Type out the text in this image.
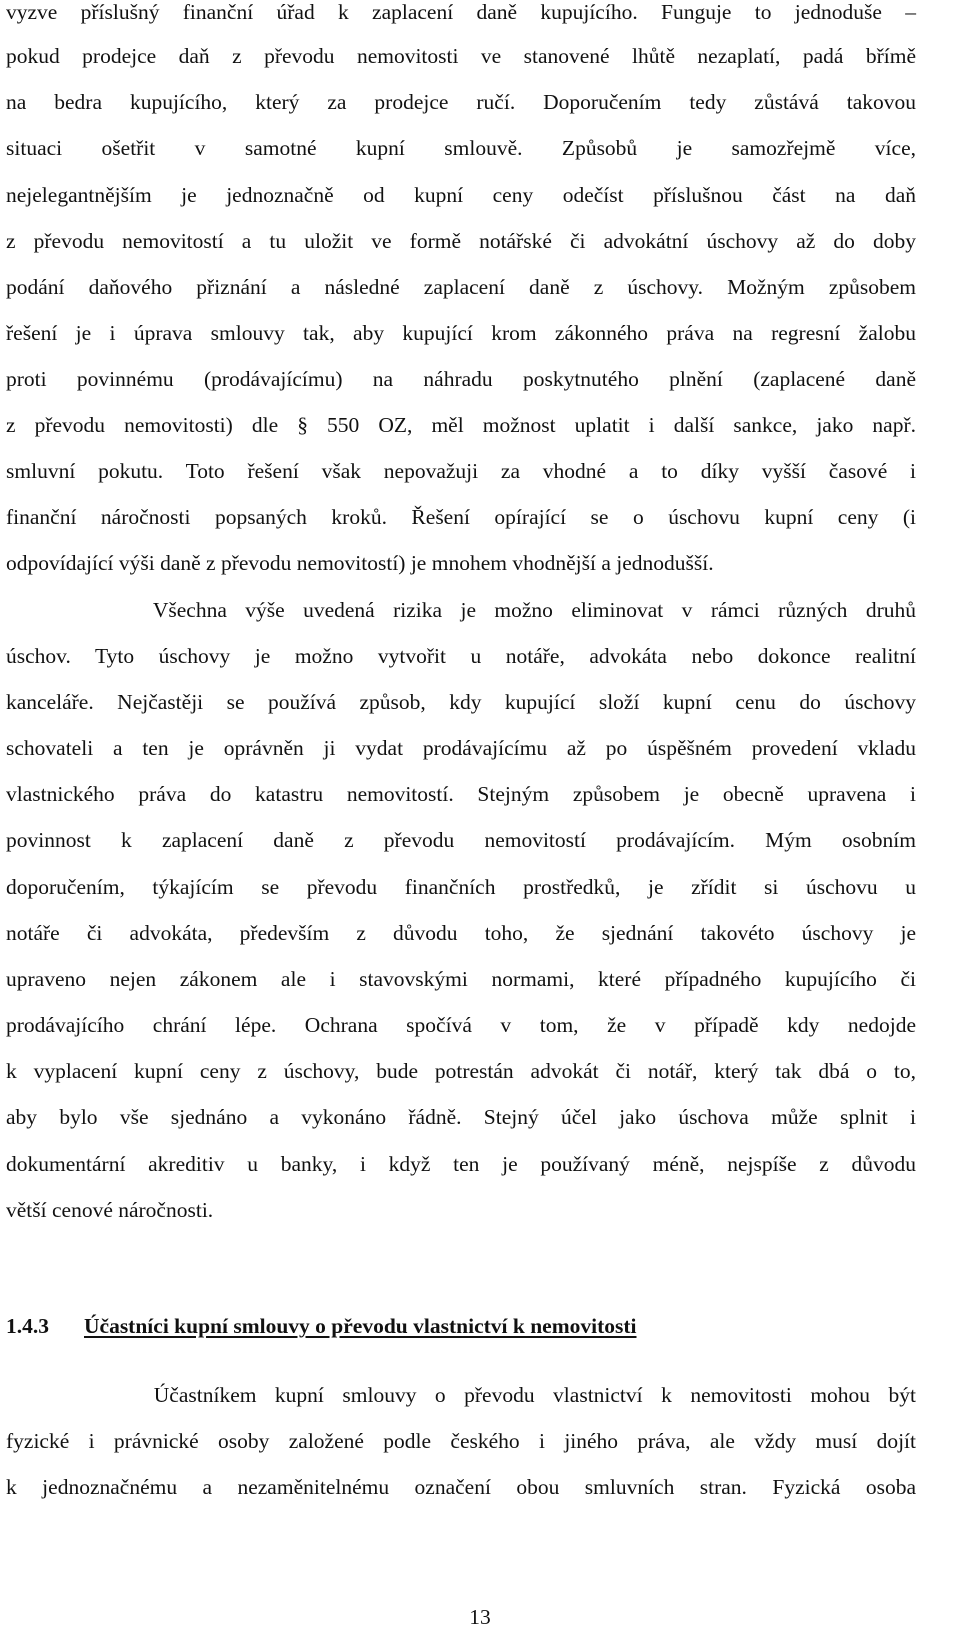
vyzve příslušný finanční úřad k zaplacení daně kupujícího. Funguje to jednoduše –
pokud prodejce daň z převodu nemovitosti ve stanovené lhůtě nezaplatí, padá břímě
na bedra kupujícího, který za prodejce ručí. Doporučením tedy zůstává takovou
situaci ošetřit v samotné kupní smlouvě. Způsobů je samozřejmě více,
nejelegantnějším je jednoznačně od kupní ceny odečíst příslušnou část na daň
z převodu nemovitostí a tu uložit ve formě notářské či advokátní úschovy až do doby
podání daňového přiznání a následné zaplacení daně z úschovy. Možným způsobem
řešení je i úprava smlouvy tak, aby kupující krom zákonného práva na regresní žalobu
proti povinnému (prodávajícímu) na náhradu poskytnutého plnění (zaplacené daně
z převodu nemovitosti) dle § 550 OZ, měl možnost uplatit i další sankce, jako např.
smluvní pokutu. Toto řešení však nepovažuji za vhodné a to díky vyšší časové i
finanční náročnosti popsaných kroků. Řešení opírající se o úschovu kupní ceny (i
odpovídající výši daně z převodu nemovitostí) je mnohem vhodnější a jednodušší.
Všechna výše uvedená rizika je možno eliminovat v rámci různých druhů
úschov. Tyto úschovy je možno vytvořit u notáře, advokáta nebo dokonce realitní
kanceláře. Nejčastěji se používá způsob, kdy kupující složí kupní cenu do úschovy
schovateli a ten je oprávněn ji vydat prodávajícímu až po úspěšném provedení vkladu
vlastnického práva do katastru nemovitostí. Stejným způsobem je obecně upravena i
povinnost k zaplacení daně z převodu nemovitostí prodávajícím. Mým osobním
doporučením, týkajícím se převodu finančních prostředků, je zřídit si úschovu u
notáře či advokáta, především z důvodu toho, že sjednání takovéto úschovy je
upraveno nejen zákonem ale i stavovskými normami, které případného kupujícího či
prodávajícího chrání lépe. Ochrana spočívá v tom, že v případě kdy nedojde
k vyplacení kupní ceny z úschovy, bude potrestán advokát či notář, který tak dbá o to,
aby bylo vše sjednáno a vykonáno řádně. Stejný účel jako úschova může splnit i
dokumentární akreditiv u banky, i když ten je používaný méně, nejspíše z důvodu
větší cenové náročnosti.
1.4.3 Účastníci kupní smlouvy o převodu vlastnictví k nemovitosti
Účastníkem kupní smlouvy o převodu vlastnictví k nemovitosti mohou být
fyzické i právnické osoby založené podle českého i jiného práva, ale vždy musí dojít
k jednoznačnému a nezaměnitelnému označení obou smluvních stran. Fyzická osoba
13
